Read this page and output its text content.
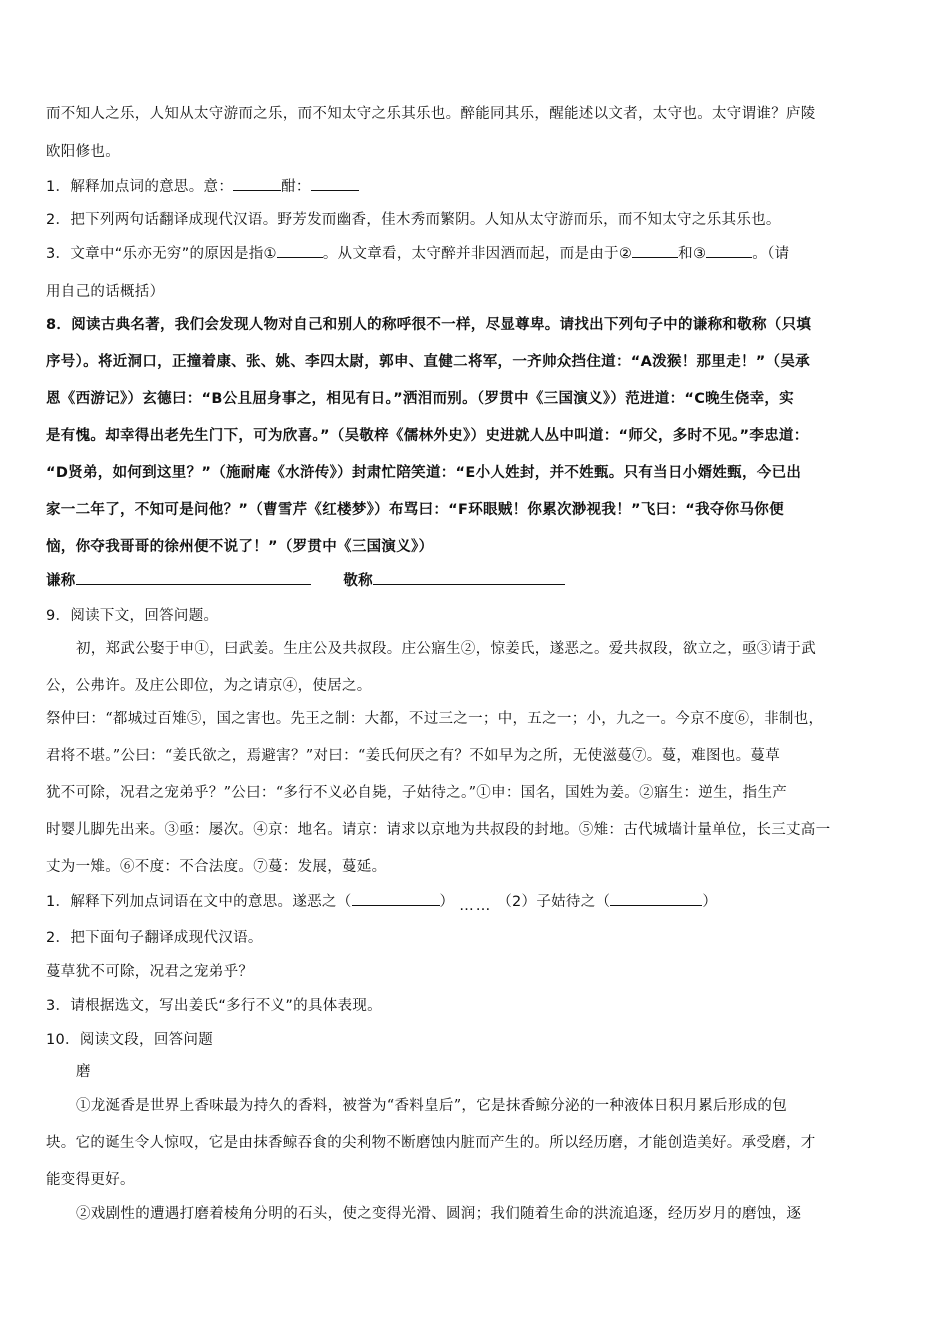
而不知人之乐，人知从太守游而之乐，而不知太守之乐其乐也。醉能同其乐，醒能述以文者，太守也。太守谓谁？庐陵
欧阳修也。
1．解释加点词的意思。意：	酣：
2．把下列两句话翻译成现代汉语。野芳发而幽香，佳木秀而繁阴。人知从太守游而乐，而不知太守之乐其乐也。
3．文章中“乐亦无穷”的原因是指①	。从文章看，太守醉并非因酒而起，而是由于②	和③	。（请
用自己的话概括）
8．阅读古典名著，我们会发现人物对自己和别人的称呼很不一样，尽显尊卑。请找出下列句子中的谦称和敬称（只填
序号）。将近洞口，正撞着康、张、姚、李四太尉，郭申、直健二将军，一齐帅众挡住道：“A泼猴！那里走！”（吴承
恩《西游记》）玄德曰：“B公且屈身事之，相见有日。”洒泪而别。（罗贯中《三国演义》）范进道：“C晚生侥幸，实
是有愧。却幸得出老先生门下，可为欣喜。”（吴敬梓《儒林外史》）史进就人丛中叫道：“师父，多时不见。”李忠道：
“D贤弟，如何到这里？”（施耐庵《水浒传》）封肃忙陪笑道：“E小人姓封，并不姓甄。只有当日小婿姓甄，今已出
家一二年了，不知可是问他？”（曹雪芹《红楼梦》）布骂曰：“F环眼贼！你累次渺视我！”飞曰：“我夺你马你便
恼，你夺我哥哥的徐州便不说了！”（罗贯中《三国演义》）
谦称	敬称
9．阅读下文，回答问题。
初，郑武公娶于申①，曰武姜。生庄公及共叔段。庄公寤生②，惊姜氏，遂恶之。爱共叔段，欲立之，亟③请于武
公，公弗许。及庄公即位，为之请京④，使居之。
祭仲曰：“都城过百雉⑤，国之害也。先王之制：大都，不过三之一；中，五之一；小，九之一。今京不度⑥，非制也，
君将不堪。”公曰：“姜氏欲之，焉避害？”对曰：“姜氏何厌之有？不如早为之所，无使滋蔓⑦。蔓，难图也。蔓草
犹不可除，况君之宠弟乎？”公曰：“多行不义必自毙，子姑待之。”①申：国名，国姓为姜。②寤生：逆生，指生产
时婴儿脚先出来。③亟：屡次。④京：地名。请京：请求以京地为共叔段的封地。⑤雉：古代城墙计量单位，长三丈高一
丈为一雉。⑥不度：不合法度。⑦蔓：发展，蔓延。
1．解释下列加点词语在文中的意思。遂恶之（	） …… （2）子姑待之（	）
2．把下面句子翻译成现代汉语。
蔓草犹不可除，况君之宠弟乎？
3．请根据选文，写出姜氏“多行不义”的具体表现。
10．阅读文段，回答问题
磨
①龙涎香是世界上香味最为持久的香料，被誉为“香料皇后”，它是抹香鲸分泌的一种液体日积月累后形成的包
块。它的诞生令人惊叹，它是由抹香鲸吞食的尖利物不断磨蚀内脏而产生的。所以经历磨，才能创造美好。承受磨，才
能变得更好。
②戏剧性的遭遇打磨着棱角分明的石头，使之变得光滑、圆润；我们随着生命的洪流追逐，经历岁月的磨蚀，逐
